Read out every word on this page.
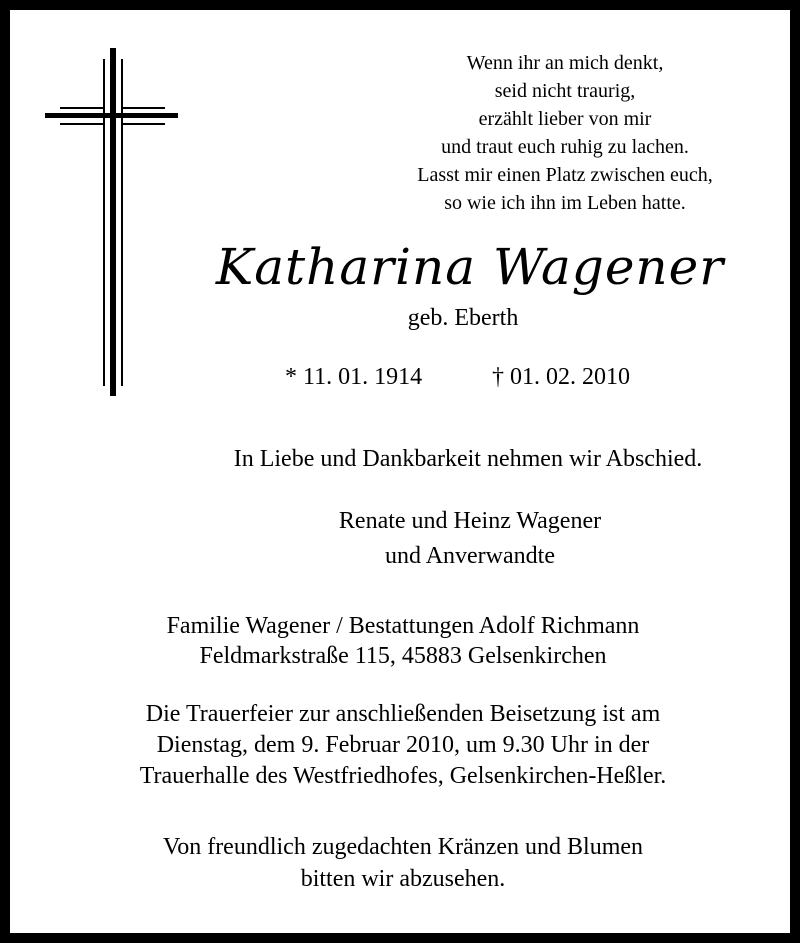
Wenn ihr an mich denkt,
seid nicht traurig,
erzählt lieber von mir
und traut euch ruhig zu lachen.
Lasst mir einen Platz zwischen euch,
so wie ich ihn im Leben hatte.
Katharina Wagener
geb. Eberth
* 11. 01. 1914	† 01. 02. 2010
In Liebe und Dankbarkeit nehmen wir Abschied.
Renate und Heinz Wagener
und Anverwandte
Familie Wagener / Bestattungen Adolf Richmann
Feldmarkstraße 115, 45883 Gelsenkirchen
Die Trauerfeier zur anschließenden Beisetzung ist am
Dienstag, dem 9. Februar 2010, um 9.30 Uhr in der
Trauerhalle des Westfriedhofes, Gelsenkirchen-Heßler.
Von freundlich zugedachten Kränzen und Blumen
bitten wir abzusehen.
